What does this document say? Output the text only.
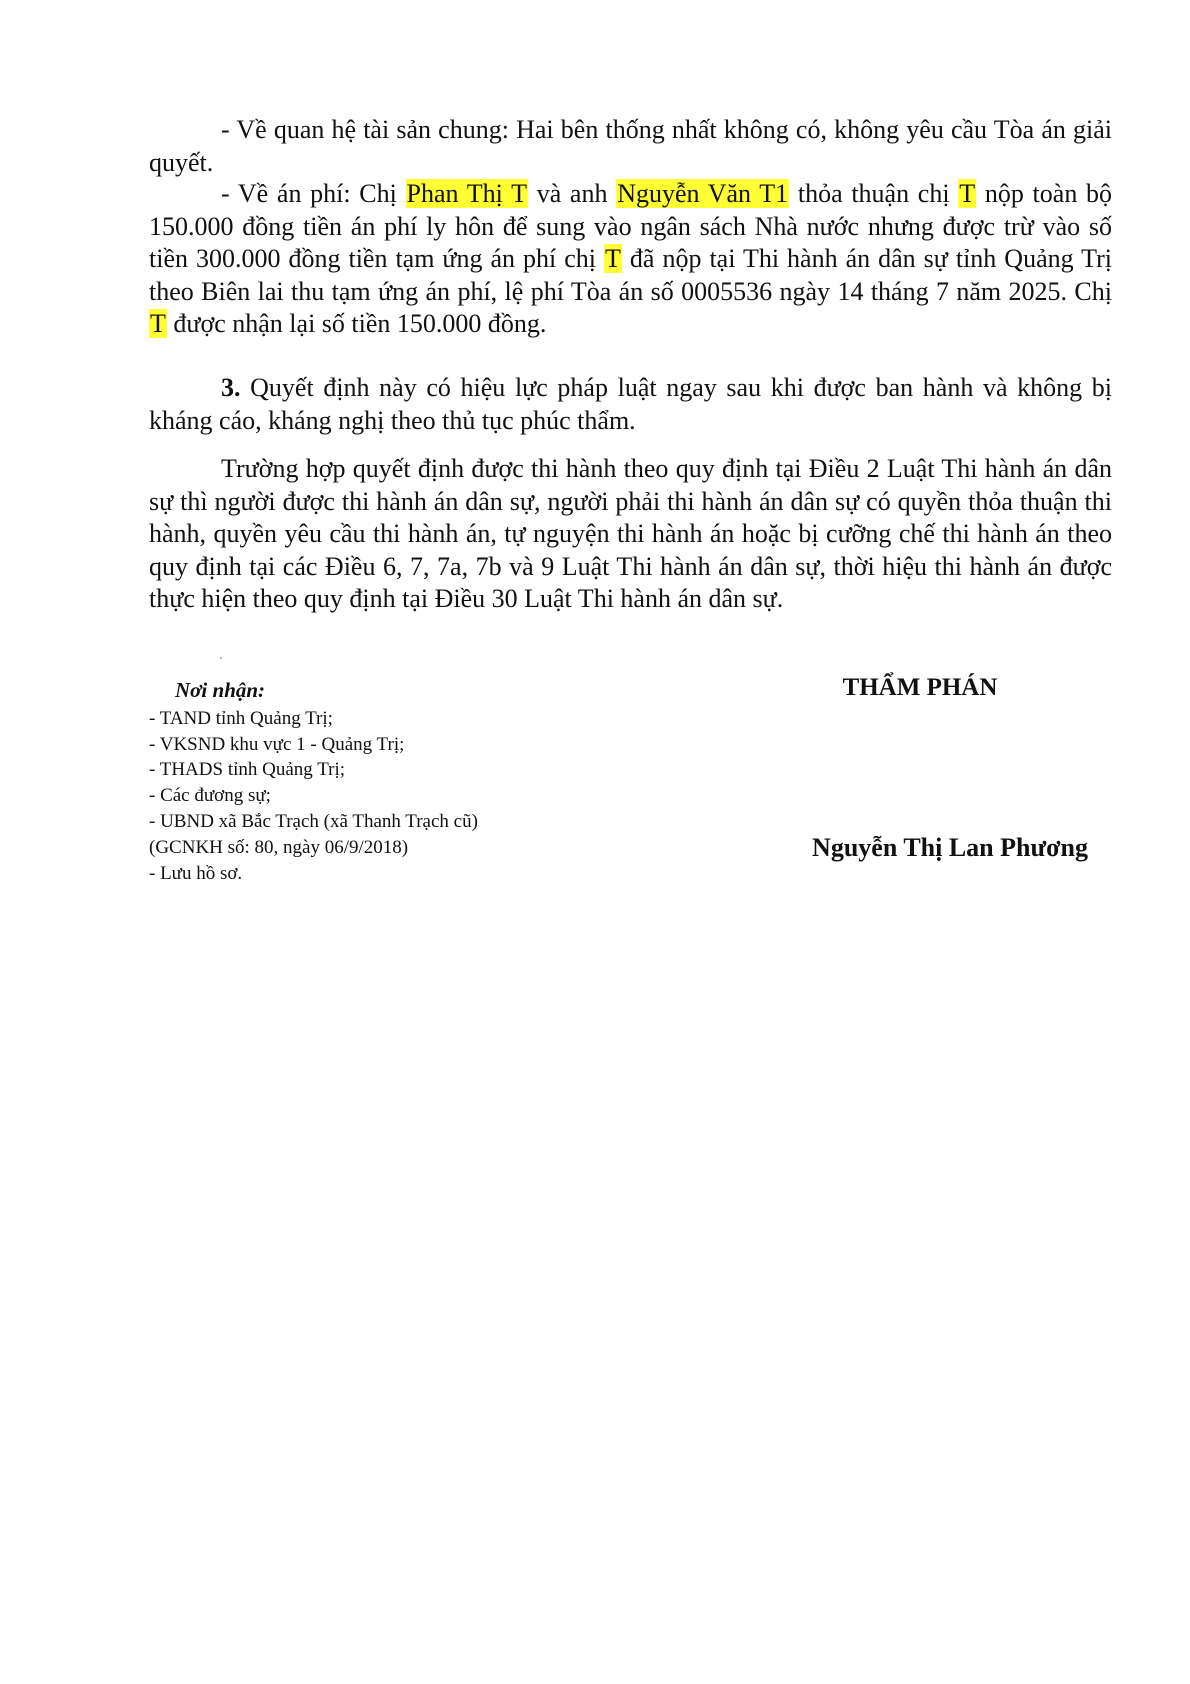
- Về quan hệ tài sản chung: Hai bên thống nhất không có, không yêu cầu Tòa án giải quyết.

- Về án phí: Chị Phan Thị T và anh Nguyễn Văn T1 thỏa thuận chị T nộp toàn bộ 150.000 đồng tiền án phí ly hôn để sung vào ngân sách Nhà nước nhưng được trừ vào số tiền 300.000 đồng tiền tạm ứng án phí chị T đã nộp tại Thi hành án dân sự tỉnh Quảng Trị theo Biên lai thu tạm ứng án phí, lệ phí Tòa án số 0005536 ngày 14 tháng 7 năm 2025. Chị T được nhận lại số tiền 150.000 đồng.

3. Quyết định này có hiệu lực pháp luật ngay sau khi được ban hành và không bị kháng cáo, kháng nghị theo thủ tục phúc thẩm.

Trường hợp quyết định được thi hành theo quy định tại Điều 2 Luật Thi hành án dân sự thì người được thi hành án dân sự, người phải thi hành án dân sự có quyền thỏa thuận thi hành, quyền yêu cầu thi hành án, tự nguyện thi hành án hoặc bị cưỡng chế thi hành án theo quy định tại các Điều 6, 7, 7a, 7b và 9 Luật Thi hành án dân sự, thời hiệu thi hành án được thực hiện theo quy định tại Điều 30 Luật Thi hành án dân sự.

Nơi nhận:
- TAND tỉnh Quảng Trị;
- VKSND khu vực 1 - Quảng Trị;
- THADS tỉnh Quảng Trị;
- Các đương sự;
- UBND xã Bắc Trạch (xã Thanh Trạch cũ)
(GCNKH số: 80, ngày 06/9/2018)
- Lưu hồ sơ.
THẨM PHÁN
Nguyễn Thị Lan Phương
